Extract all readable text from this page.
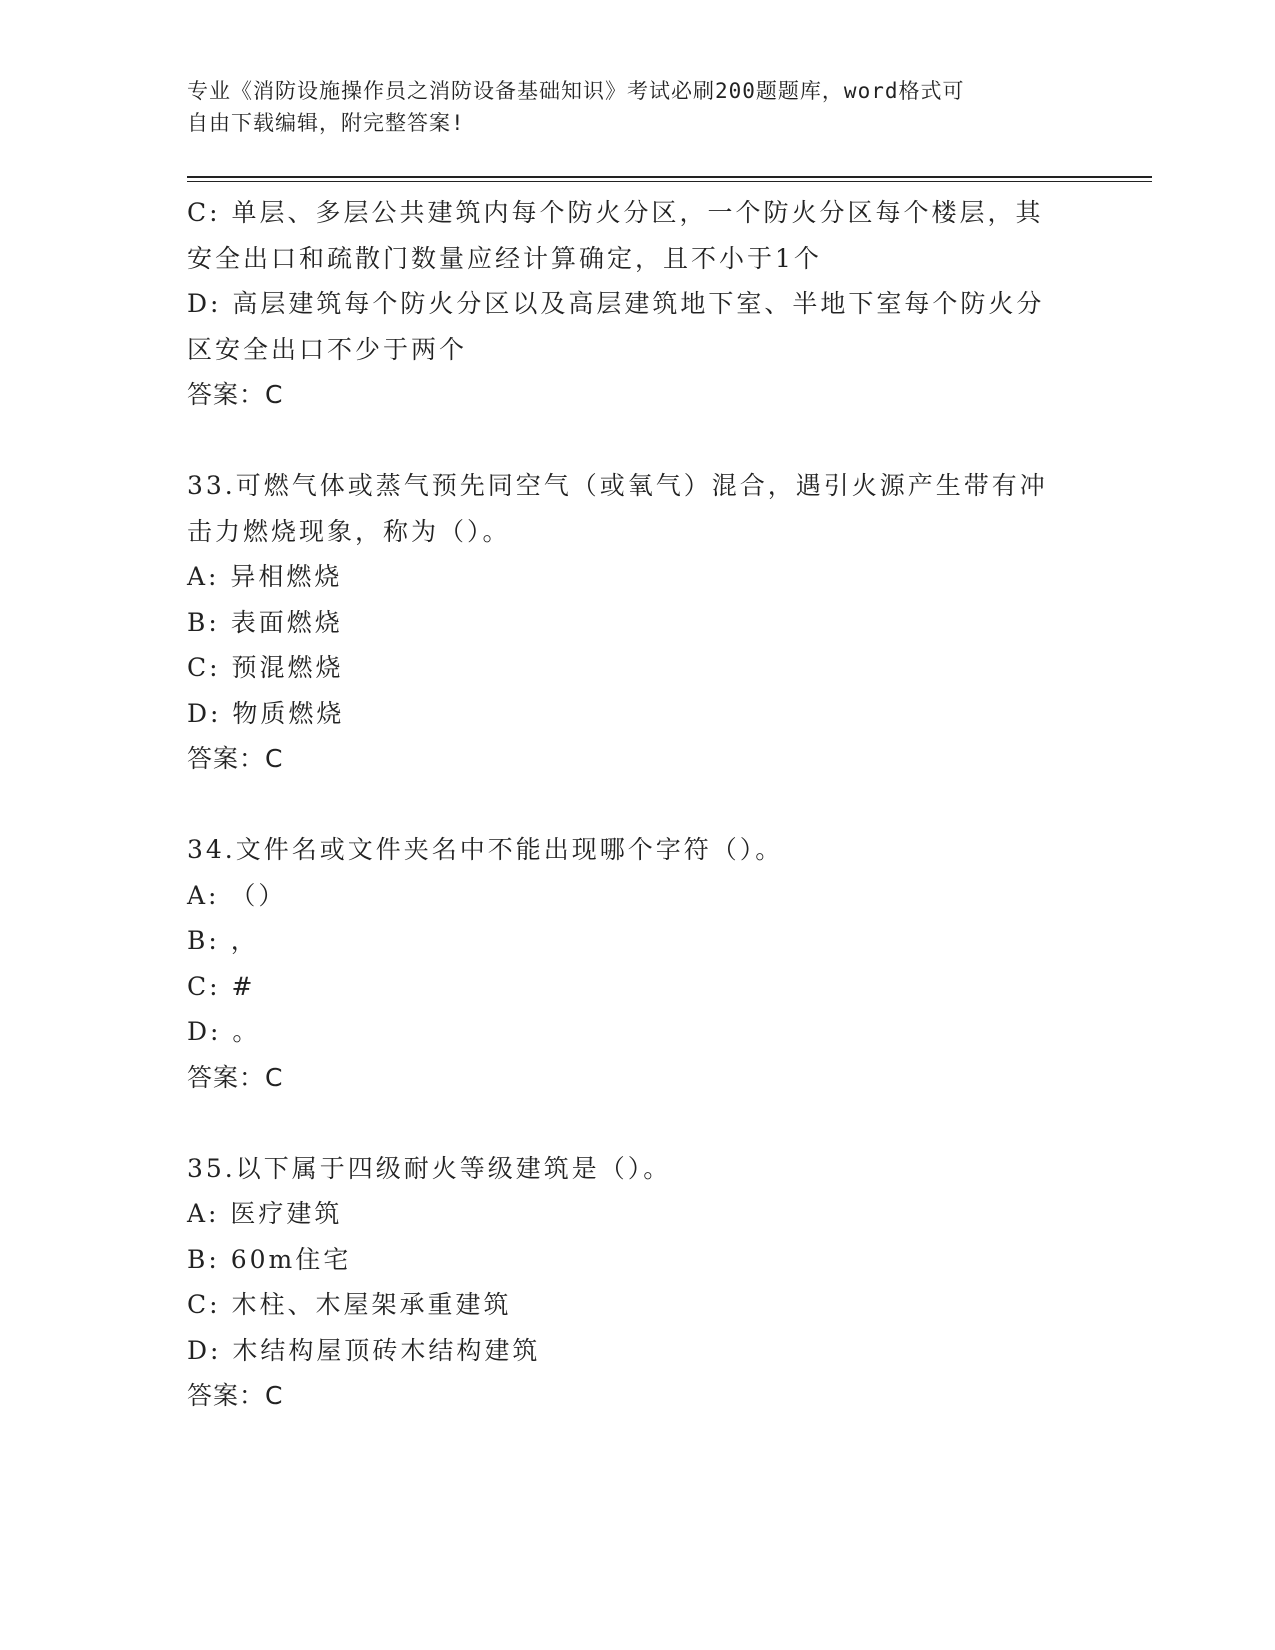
专业《消防设施操作员之消防设备基础知识》考试必刷200题题库，word格式可
自由下载编辑，附完整答案!
C: 单层、多层公共建筑内每个防火分区，一个防火分区每个楼层，其
安全出口和疏散门数量应经计算确定，且不小于1个
D: 高层建筑每个防火分区以及高层建筑地下室、半地下室每个防火分
区安全出口不少于两个
答案：C
33.可燃气体或蒸气预先同空气（或氧气）混合，遇引火源产生带有冲
击力燃烧现象，称为（）。
A: 异相燃烧
B: 表面燃烧
C: 预混燃烧
D: 物质燃烧
答案：C
34.文件名或文件夹名中不能出现哪个字符（）。
A: （）
B: ，
C: #
D: 。
答案：C
35.以下属于四级耐火等级建筑是（）。
A: 医疗建筑
B: 60m住宅
C: 木柱、木屋架承重建筑
D: 木结构屋顶砖木结构建筑
答案：C
